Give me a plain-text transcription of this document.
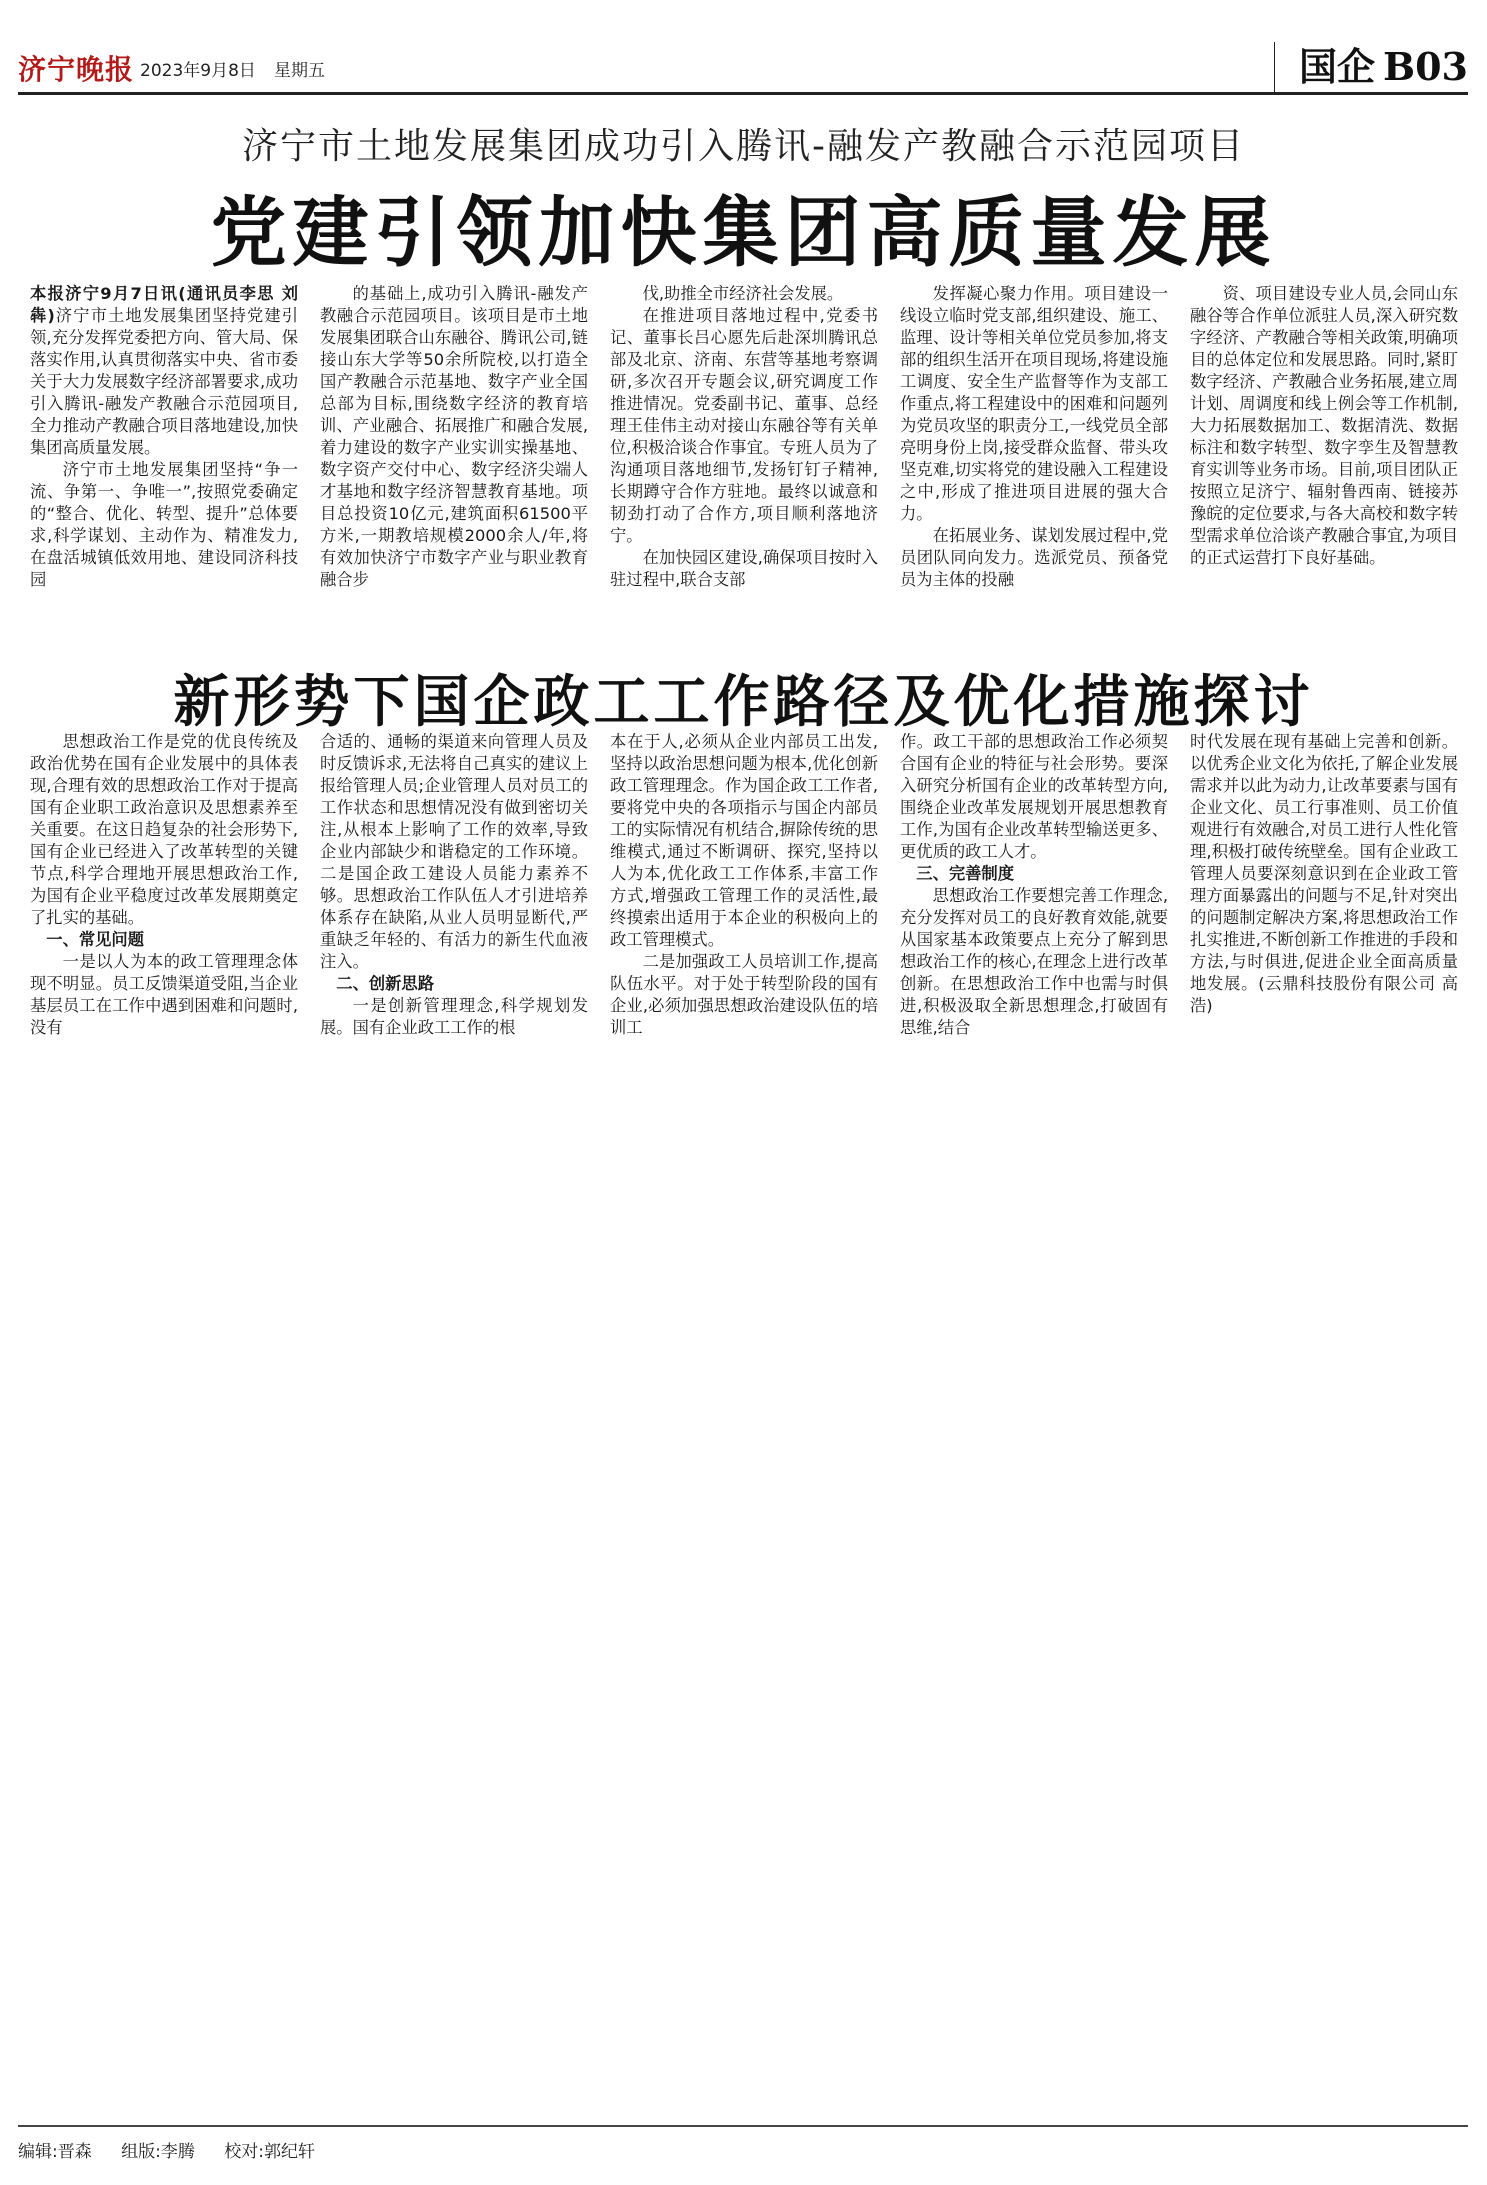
济宁晚报 2023年9月8日 星期五	国企 B03
济宁市土地发展集团成功引入腾讯-融发产教融合示范园项目
党建引领加快集团高质量发展

本报济宁9月7日讯(通讯员李思 刘犇)济宁市土地发展集团坚持党建引领,充分发挥党委把方向、管大局、保落实作用,认真贯彻落实中央、省市委关于大力发展数字经济部署要求,成功引入腾讯-融发产教融合示范园项目,全力推动产教融合项目落地建设,加快集团高质量发展。

济宁市土地发展集团坚持“争一流、争第一、争唯一”,按照党委确定的“整合、优化、转型、提升”总体要求,科学谋划、主动作为、精准发力,在盘活城镇低效用地、建设同济科技园

的基础上,成功引入腾讯-融发产教融合示范园项目。该项目是市土地发展集团联合山东融谷、腾讯公司,链接山东大学等50余所院校,以打造全国产教融合示范基地、数字产业全国总部为目标,围绕数字经济的教育培训、产业融合、拓展推广和融合发展,着力建设的数字产业实训实操基地、数字资产交付中心、数字经济尖端人才基地和数字经济智慧教育基地。项目总投资10亿元,建筑面积61500平方米,一期教培规模2000余人/年,将有效加快济宁市数字产业与职业教育融合步

伐,助推全市经济社会发展。

在推进项目落地过程中,党委书记、董事长吕心愿先后赴深圳腾讯总部及北京、济南、东营等基地考察调研,多次召开专题会议,研究调度工作推进情况。党委副书记、董事、总经理王佳伟主动对接山东融谷等有关单位,积极洽谈合作事宜。专班人员为了沟通项目落地细节,发扬钉钉子精神,长期蹲守合作方驻地。最终以诚意和韧劲打动了合作方,项目顺利落地济宁。

在加快园区建设,确保项目按时入驻过程中,联合支部

发挥凝心聚力作用。项目建设一线设立临时党支部,组织建设、施工、监理、设计等相关单位党员参加,将支部的组织生活开在项目现场,将建设施工调度、安全生产监督等作为支部工作重点,将工程建设中的困难和问题列为党员攻坚的职责分工,一线党员全部亮明身份上岗,接受群众监督、带头攻坚克难,切实将党的建设融入工程建设之中,形成了推进项目进展的强大合力。

在拓展业务、谋划发展过程中,党员团队同向发力。选派党员、预备党员为主体的投融

资、项目建设专业人员,会同山东融谷等合作单位派驻人员,深入研究数字经济、产教融合等相关政策,明确项目的总体定位和发展思路。同时,紧盯数字经济、产教融合业务拓展,建立周计划、周调度和线上例会等工作机制,大力拓展数据加工、数据清洗、数据标注和数字转型、数字孪生及智慧教育实训等业务市场。目前,项目团队正按照立足济宁、辐射鲁西南、链接苏豫皖的定位要求,与各大高校和数字转型需求单位洽谈产教融合事宜,为项目的正式运营打下良好基础。

新形势下国企政工工作路径及优化措施探讨

思想政治工作是党的优良传统及政治优势在国有企业发展中的具体表现,合理有效的思想政治工作对于提高国有企业职工政治意识及思想素养至关重要。在这日趋复杂的社会形势下,国有企业已经进入了改革转型的关键节点,科学合理地开展思想政治工作,为国有企业平稳度过改革发展期奠定了扎实的基础。

一、常见问题

一是以人为本的政工管理理念体现不明显。员工反馈渠道受阻,当企业基层员工在工作中遇到困难和问题时,没有

合适的、通畅的渠道来向管理人员及时反馈诉求,无法将自己真实的建议上报给管理人员;企业管理人员对员工的工作状态和思想情况没有做到密切关注,从根本上影响了工作的效率,导致企业内部缺少和谐稳定的工作环境。二是国企政工建设人员能力素养不够。思想政治工作队伍人才引进培养体系存在缺陷,从业人员明显断代,严重缺乏年轻的、有活力的新生代血液注入。

二、创新思路

一是创新管理理念,科学规划发展。国有企业政工工作的根

本在于人,必须从企业内部员工出发,坚持以政治思想问题为根本,优化创新政工管理理念。作为国企政工工作者,要将党中央的各项指示与国企内部员工的实际情况有机结合,摒除传统的思维模式,通过不断调研、探究,坚持以人为本,优化政工工作体系,丰富工作方式,增强政工管理工作的灵活性,最终摸索出适用于本企业的积极向上的政工管理模式。

二是加强政工人员培训工作,提高队伍水平。对于处于转型阶段的国有企业,必须加强思想政治建设队伍的培训工

作。政工干部的思想政治工作必须契合国有企业的特征与社会形势。要深入研究分析国有企业的改革转型方向,围绕企业改革发展规划开展思想教育工作,为国有企业改革转型输送更多、更优质的政工人才。

三、完善制度

思想政治工作要想完善工作理念,充分发挥对员工的良好教育效能,就要从国家基本政策要点上充分了解到思想政治工作的核心,在理念上进行改革创新。在思想政治工作中也需与时俱进,积极汲取全新思想理念,打破固有思维,结合

时代发展在现有基础上完善和创新。以优秀企业文化为依托,了解企业发展需求并以此为动力,让改革要素与国有企业文化、员工行事准则、员工价值观进行有效融合,对员工进行人性化管理,积极打破传统壁垒。国有企业政工管理人员要深刻意识到在企业政工管理方面暴露出的问题与不足,针对突出的问题制定解决方案,将思想政治工作扎实推进,不断创新工作推进的手段和方法,与时俱进,促进企业全面高质量地发展。(云鼎科技股份有限公司 高浩)

编辑:晋森 组版:李腾 校对:郭纪轩
